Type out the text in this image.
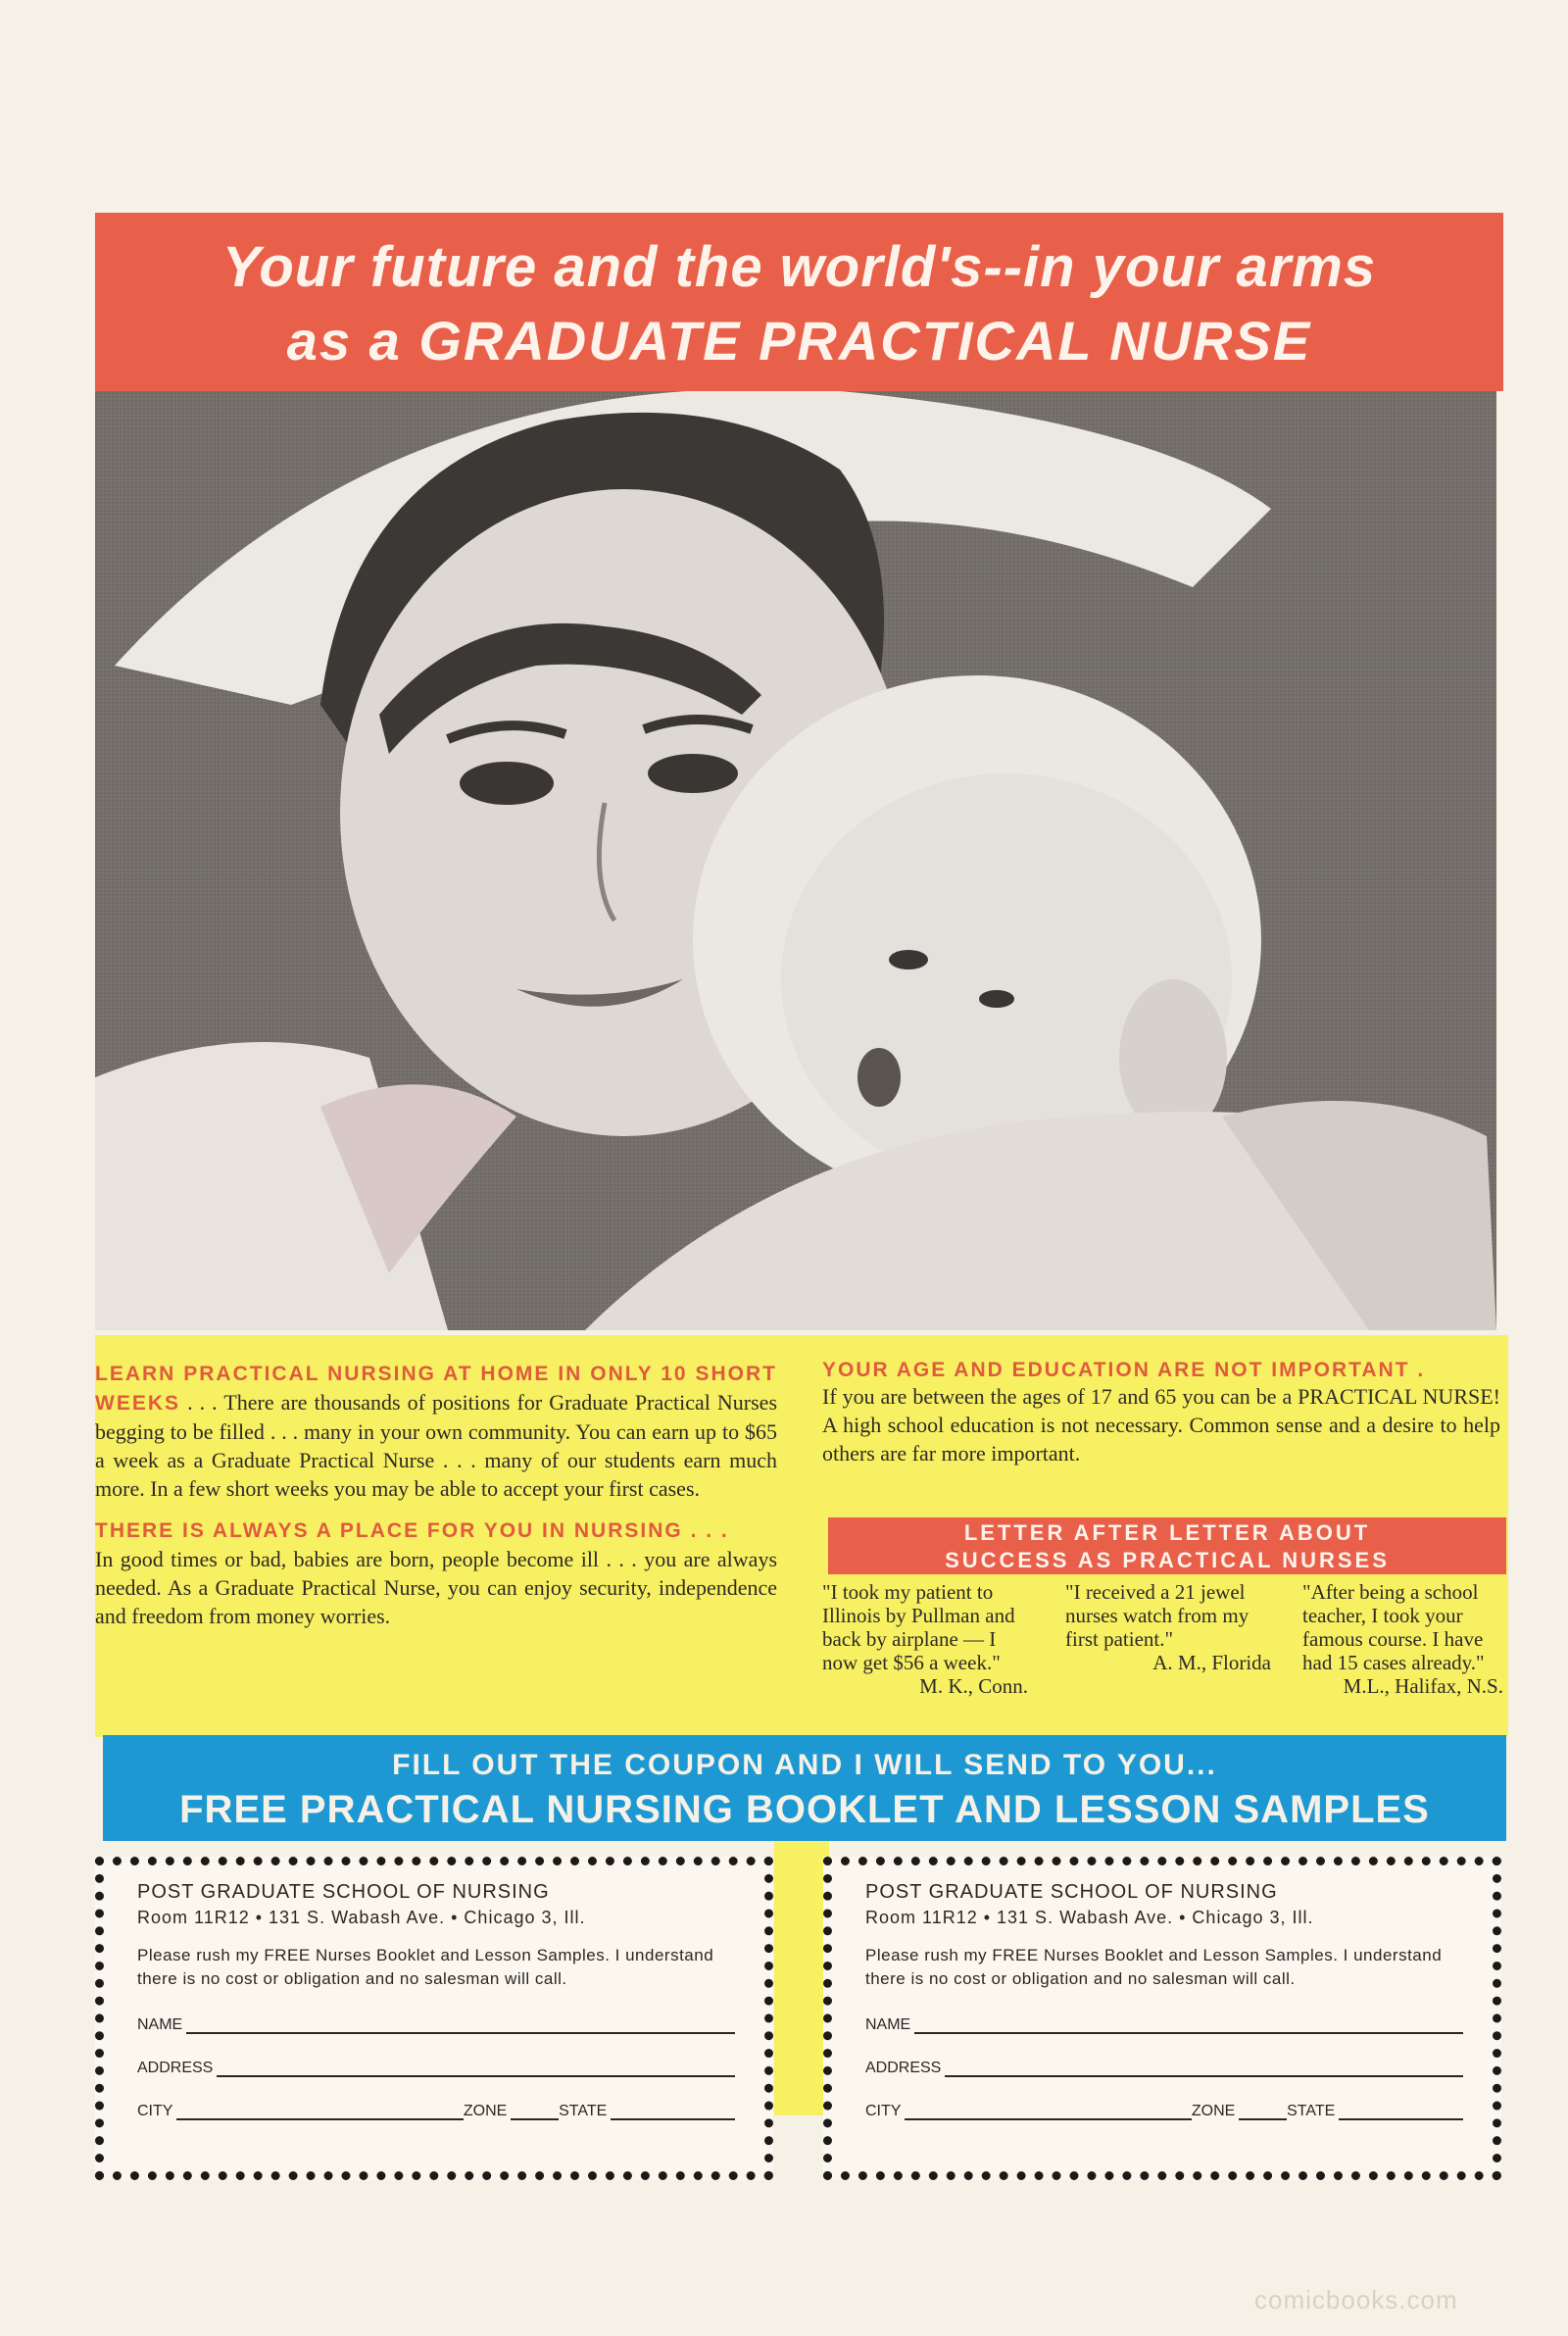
Your future and the world's--in your arms
as a GRADUATE PRACTICAL NURSE
LEARN PRACTICAL NURSING AT HOME IN ONLY 10 SHORT WEEKS . . . There are thousands of positions for Graduate Practical Nurses begging to be filled . . . many in your own community. You can earn up to $65 a week as a Graduate Practical Nurse . . . many of our students earn much more. In a few short weeks you may be able to accept your first cases.
THERE IS ALWAYS A PLACE FOR YOU IN NURSING . . .
In good times or bad, babies are born, people become ill . . . you are always needed. As a Graduate Practical Nurse, you can enjoy security, independence and freedom from money worries.
YOUR AGE AND EDUCATION ARE NOT IMPORTANT .
If you are between the ages of 17 and 65 you can be a PRACTICAL NURSE! A high school education is not necessary. Common sense and a desire to help others are far more important.
LETTER AFTER LETTER ABOUT
SUCCESS AS PRACTICAL NURSES
"I took my patient to Illinois by Pullman and back by airplane — I now get $56 a week."
M. K., Conn.
"I received a 21 jewel nurses watch from my first patient."
A. M., Florida
"After being a school teacher, I took your famous course. I have had 15 cases already."
M.L., Halifax, N.S.
FILL OUT THE COUPON AND I WILL SEND TO YOU...
FREE PRACTICAL NURSING BOOKLET AND LESSON SAMPLES
POST GRADUATE SCHOOL OF NURSING
Room 11R12 • 131 S. Wabash Ave. • Chicago 3, Ill.
Please rush my FREE Nurses Booklet and Lesson Samples. I understand there is no cost or obligation and no salesman will call.
NAME
ADDRESS
CITY	ZONE	STATE
POST GRADUATE SCHOOL OF NURSING
Room 11R12 • 131 S. Wabash Ave. • Chicago 3, Ill.
Please rush my FREE Nurses Booklet and Lesson Samples. I understand there is no cost or obligation and no salesman will call.
NAME
ADDRESS
CITY	ZONE	STATE
comicbooks.com
